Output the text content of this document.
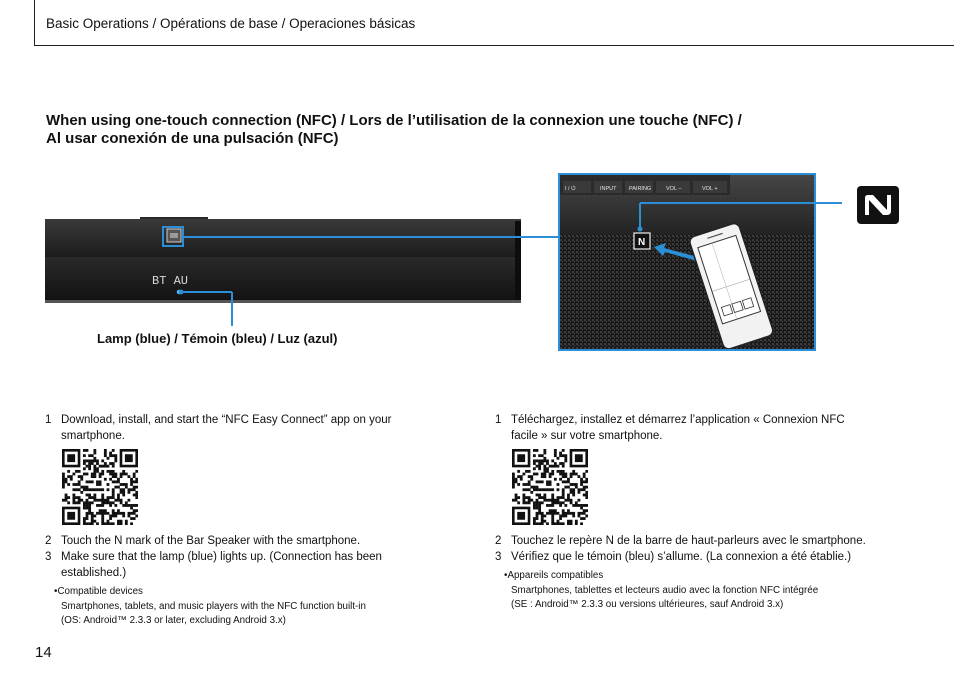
Basic Operations / Opérations de base / Operaciones básicas
When using one-touch connection (NFC) / Lors de l’utilisation de la connexion une touche (NFC) /
Al usar conexión de una pulsación (NFC)
BT AU
Lamp (blue) / Témoin (bleu) / Luz (azul)
I / ⏻	INPUT PAIRING	VOL –	VOL +
N
1 Download, install, and start the “NFC Easy Connect” app on your
smartphone.
2 Touch the N mark of the Bar Speaker with the smartphone.
3 Make sure that the lamp (blue) lights up. (Connection has been
established.)
•Compatible devices
Smartphones, tablets, and music players with the NFC function built-in
(OS: Android™ 2.3.3 or later, excluding Android 3.x)
1 Téléchargez, installez et démarrez l’application « Connexion NFC
facile » sur votre smartphone.
2 Touchez le repère N de la barre de haut-parleurs avec le smartphone.
3 Vérifiez que le témoin (bleu) s’allume. (La connexion a été établie.)
•Appareils compatibles
Smartphones, tablettes et lecteurs audio avec la fonction NFC intégrée
(SE : Android™ 2.3.3 ou versions ultérieures, sauf Android 3.x)
14
